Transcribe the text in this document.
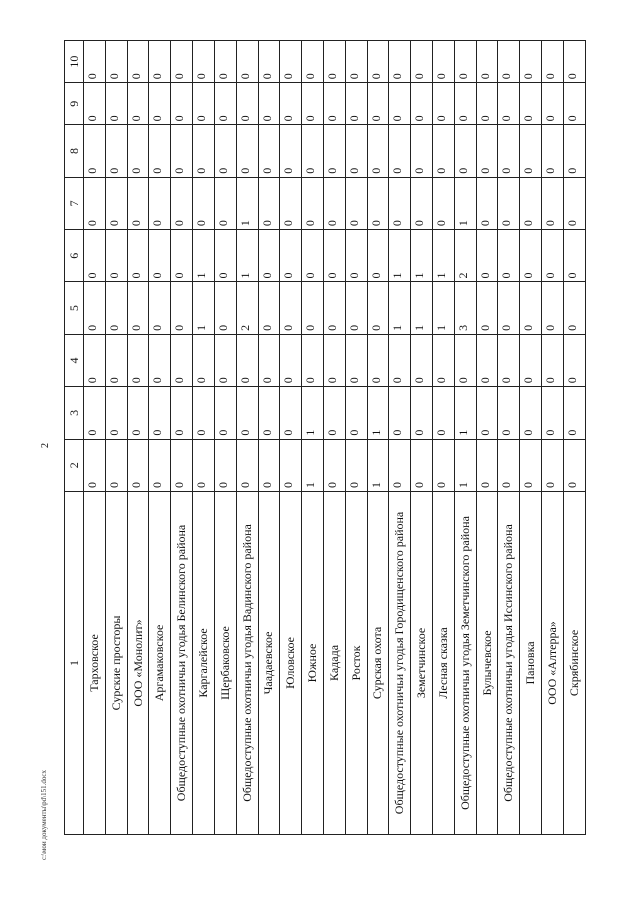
2
1	2	3	4	5	6	7	8	9	10
Тарховское	0	0	0	0	0	0	0	0	0
Сурские просторы	0	0	0	0	0	0	0	0	0
ООО «Монолит»	0	0	0	0	0	0	0	0	0
Аргамаковское	0	0	0	0	0	0	0	0	0
Общедоступные охотничьи угодья Белинского района	0	0	0	0	0	0	0	0	0
Каргалейское	0	0	0	1	1	0	0	0	0
Щербаковское	0	0	0	0	0	0	0	0	0
Общедоступные охотничьи угодья Вадинского района	0	0	0	2	1	1	0	0	0
Чаадаевское	0	0	0	0	0	0	0	0	0
Юловское	0	0	0	0	0	0	0	0	0
Южное	1	1	0	0	0	0	0	0	0
Кадада	0	0	0	0	0	0	0	0	0
Росток	0	0	0	0	0	0	0	0	0
Сурская охота	1	1	0	0	0	0	0	0	0
Общедоступные охотничьи угодья Городищенского района	0	0	0	1	1	0	0	0	0
Земетчинское	0	0	0	1	1	0	0	0	0
Лесная сказка	0	0	0	1	1	0	0	0	0
Общедоступные охотничьи угодья Земетчинского района	1	1	0	3	2	1	0	0	0
Булычевское	0	0	0	0	0	0	0	0	0
Общедоступные охотничьи угодья Иссинского района	0	0	0	0	0	0	0	0	0
Пановка	0	0	0	0	0	0	0	0	0
ООО «Алтерра»	0	0	0	0	0	0	0	0	0
Скрябинское	0	0	0	0	0	0	0	0	0
c:\мои документы\pd\151.docx
